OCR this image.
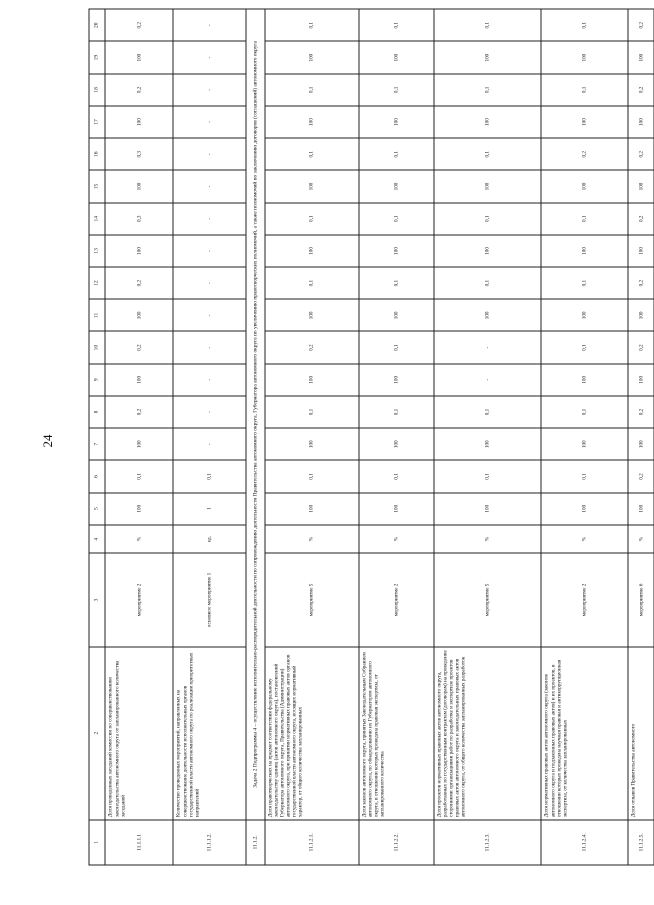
24
1	2	3	4	5	6	7	8	9	10	11	12	13	14	15	16	17	18	19	20
11.1.1.1	Доля проведенных заседаний комиссии по совершенствованию законодательства автономного округа от запланированного количества заседаний	мероприятие 2	%	100	0,1	100	0,2	100	0,2	100	0,2	100	0,3	100	0,3	100	0,2	100	0,2
11.1.1.2.	Количество проведенных мероприятий, направленных на совершенствование деятельности исполнительных органов государственной власти автономного округа по реализации приоритетных направлений	основное мероприятие 1	ед.	1	0,1	-	-	-	-	-	-	-	-	-	-	-	-	-	-
11.1.2.	Задача 2 Подпрограммы 4 – осуществление исполнительно-распорядительной деятельности по сопровождению деятельности Правительства автономного округа, Губернатора автономного округа по увеличению правотворческих полномочий, а также полномочий по заключению договоров (соглашений) автономного округа																		
11.1.2.1.	Доля правотворческих на предмет соответствия федеральному законодательству единиц (актов автономного округа), постановлений Губернатора автономного округа, Правительства (Администрации) автономного округа, при принятии нормативных правовых актов органов государственной власти автономного округа, носящих нормативный характер, от общего количества запланированных	мероприятие 5	%	100	0,1	100	0,1	100	0,2	100	0,1	100	0,1	100	0,1	100	0,1	100	0,1
11.1.2.2.	Доля законов автономного округа, принятых Законодательным Собранием автономного округа, по обнародованию их Губернатором автономного округа, в отношении которых проведена правовая экспертиза, от запланированного количества	мероприятие 2	%	100	0,1	100	0,1	100	0,1	100	0,1	100	0,1	100	0,1	100	0,1	100	0,1
11.1.2.3.	Доля проектов нормативных правовых актов автономного округа, разработанных по государственным контрактам (договорам) на проведение сторонними организациями работ по разработке и экспертизе проектов правовых актов автономного округа и законодательных правовых актов автономного округа, от общего количества запланированных разработок	мероприятие 5	%	100	0,1	100	0,1	-	-	100	0,1	100	0,1	100	0,1	100	0,1	100	0,1
11.1.2.4.	Доля нормативных правовых актов автономного округа (законов автономного округа и подзаконных правовых актов) и их проектов, в отношении которых проведена научная правовая и антикоррупционная экспертиза, от количества запланированных	мероприятие 2	%	100	0,1	100	0,1	100	0,1	100	0,1	100	0,1	100	0,2	100	0,1	100	0,1
11.1.2.5.	Доля отзывов Правительства автономного	мероприятие 6	%	100	0,2	100	0,2	100	0,2	100	0,2	100	0,2	100	0,2	100	0,2	100	0,2
